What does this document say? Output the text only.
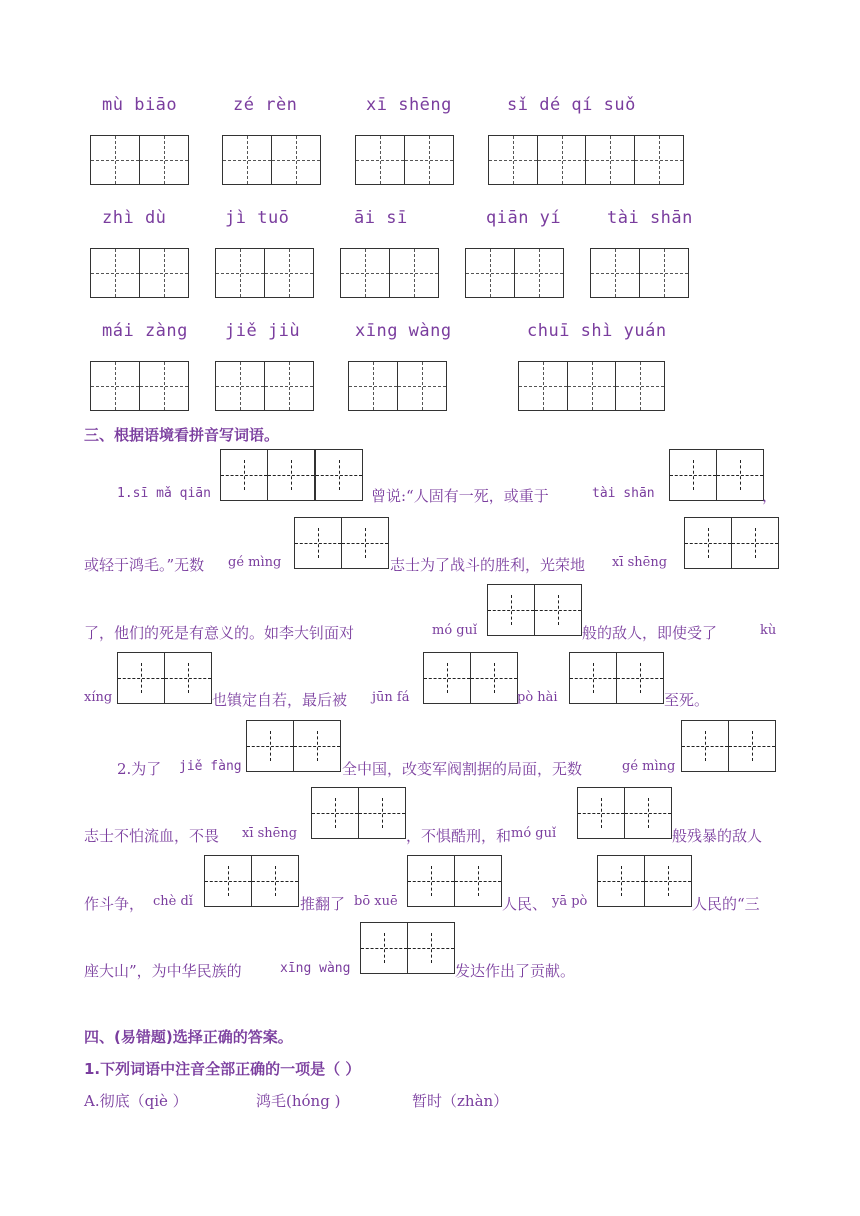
mù biāo	zé rèn	xī shēng	sǐ dé qí suǒ
zhì dù	jì tuō	āi sī	qiān yí	tài shān
mái zàng jiě jiù	xīng wàng	chuī shì yuán
三、根据语境看拼音写词语。
1.sī mǎ qiān	曾说:“人固有一死，或重于	tài shān	，
或轻于鸿毛。”无数 gé mìng	志士为了战斗的胜利，光荣地 xī shēng
了，他们的死是有意义的。如李大钊面对	mó guǐ	般的敌人，即使受了	kù
xíng	也镇定自若，最后被 jūn fá	pò hài	至死。
2.为了 jiě fàng	全中国，改变军阀割据的局面，无数	gé mìng
志士不怕流血，不畏 xī shēng	，不惧酷刑，和 mó guǐ	般残暴的敌人
作斗争， chè dǐ	推翻了 bō xuē	人民、 yā pò	人民的“三
座大山”，为中华民族的	xīng wàng	发达作出了贡献。
四、(易错题)选择正确的答案。
1.下列词语中注音全部正确的一项是（ ）
A.彻底（qiè ）	鸿毛(hóng )	暂时（zhàn）
